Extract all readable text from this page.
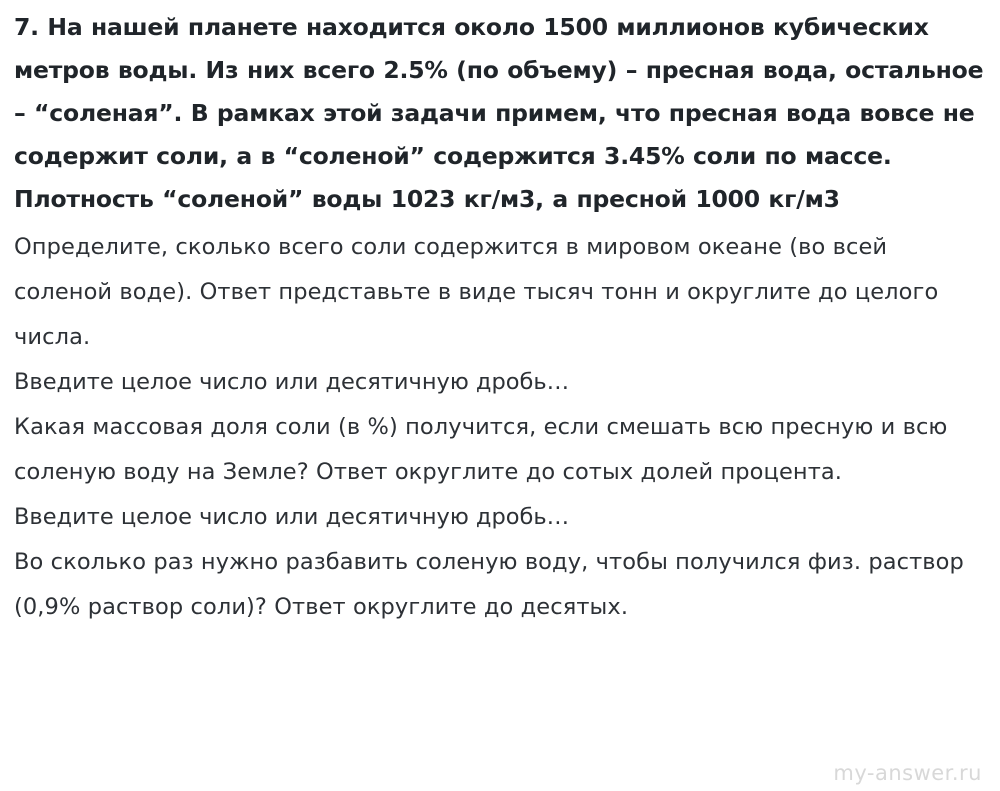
7. На нашей планете находится около 1500 миллионов кубических метров воды. Из них всего 2.5% (по объему) – пресная вода, остальное – “соленая”. В рамках этой задачи примем, что пресная вода вовсе не содержит соли, а в “соленой” содержится 3.45% соли по массе. Плотность “соленой” воды 1023 кг/м3, а пресной 1000 кг/м3

Определите, сколько всего соли содержится в мировом океане (во всей соленой воде). Ответ представьте в виде тысяч тонн и округлите до целого числа.

Введите целое число или десятичную дробь…

Какая массовая доля соли (в %) получится, если смешать всю пресную и всю соленую воду на Земле? Ответ округлите до сотых долей процента.

Введите целое число или десятичную дробь…

Во сколько раз нужно разбавить соленую воду, чтобы получился физ. раствор (0,9% раствор соли)? Ответ округлите до десятых.

my-answer.ru
